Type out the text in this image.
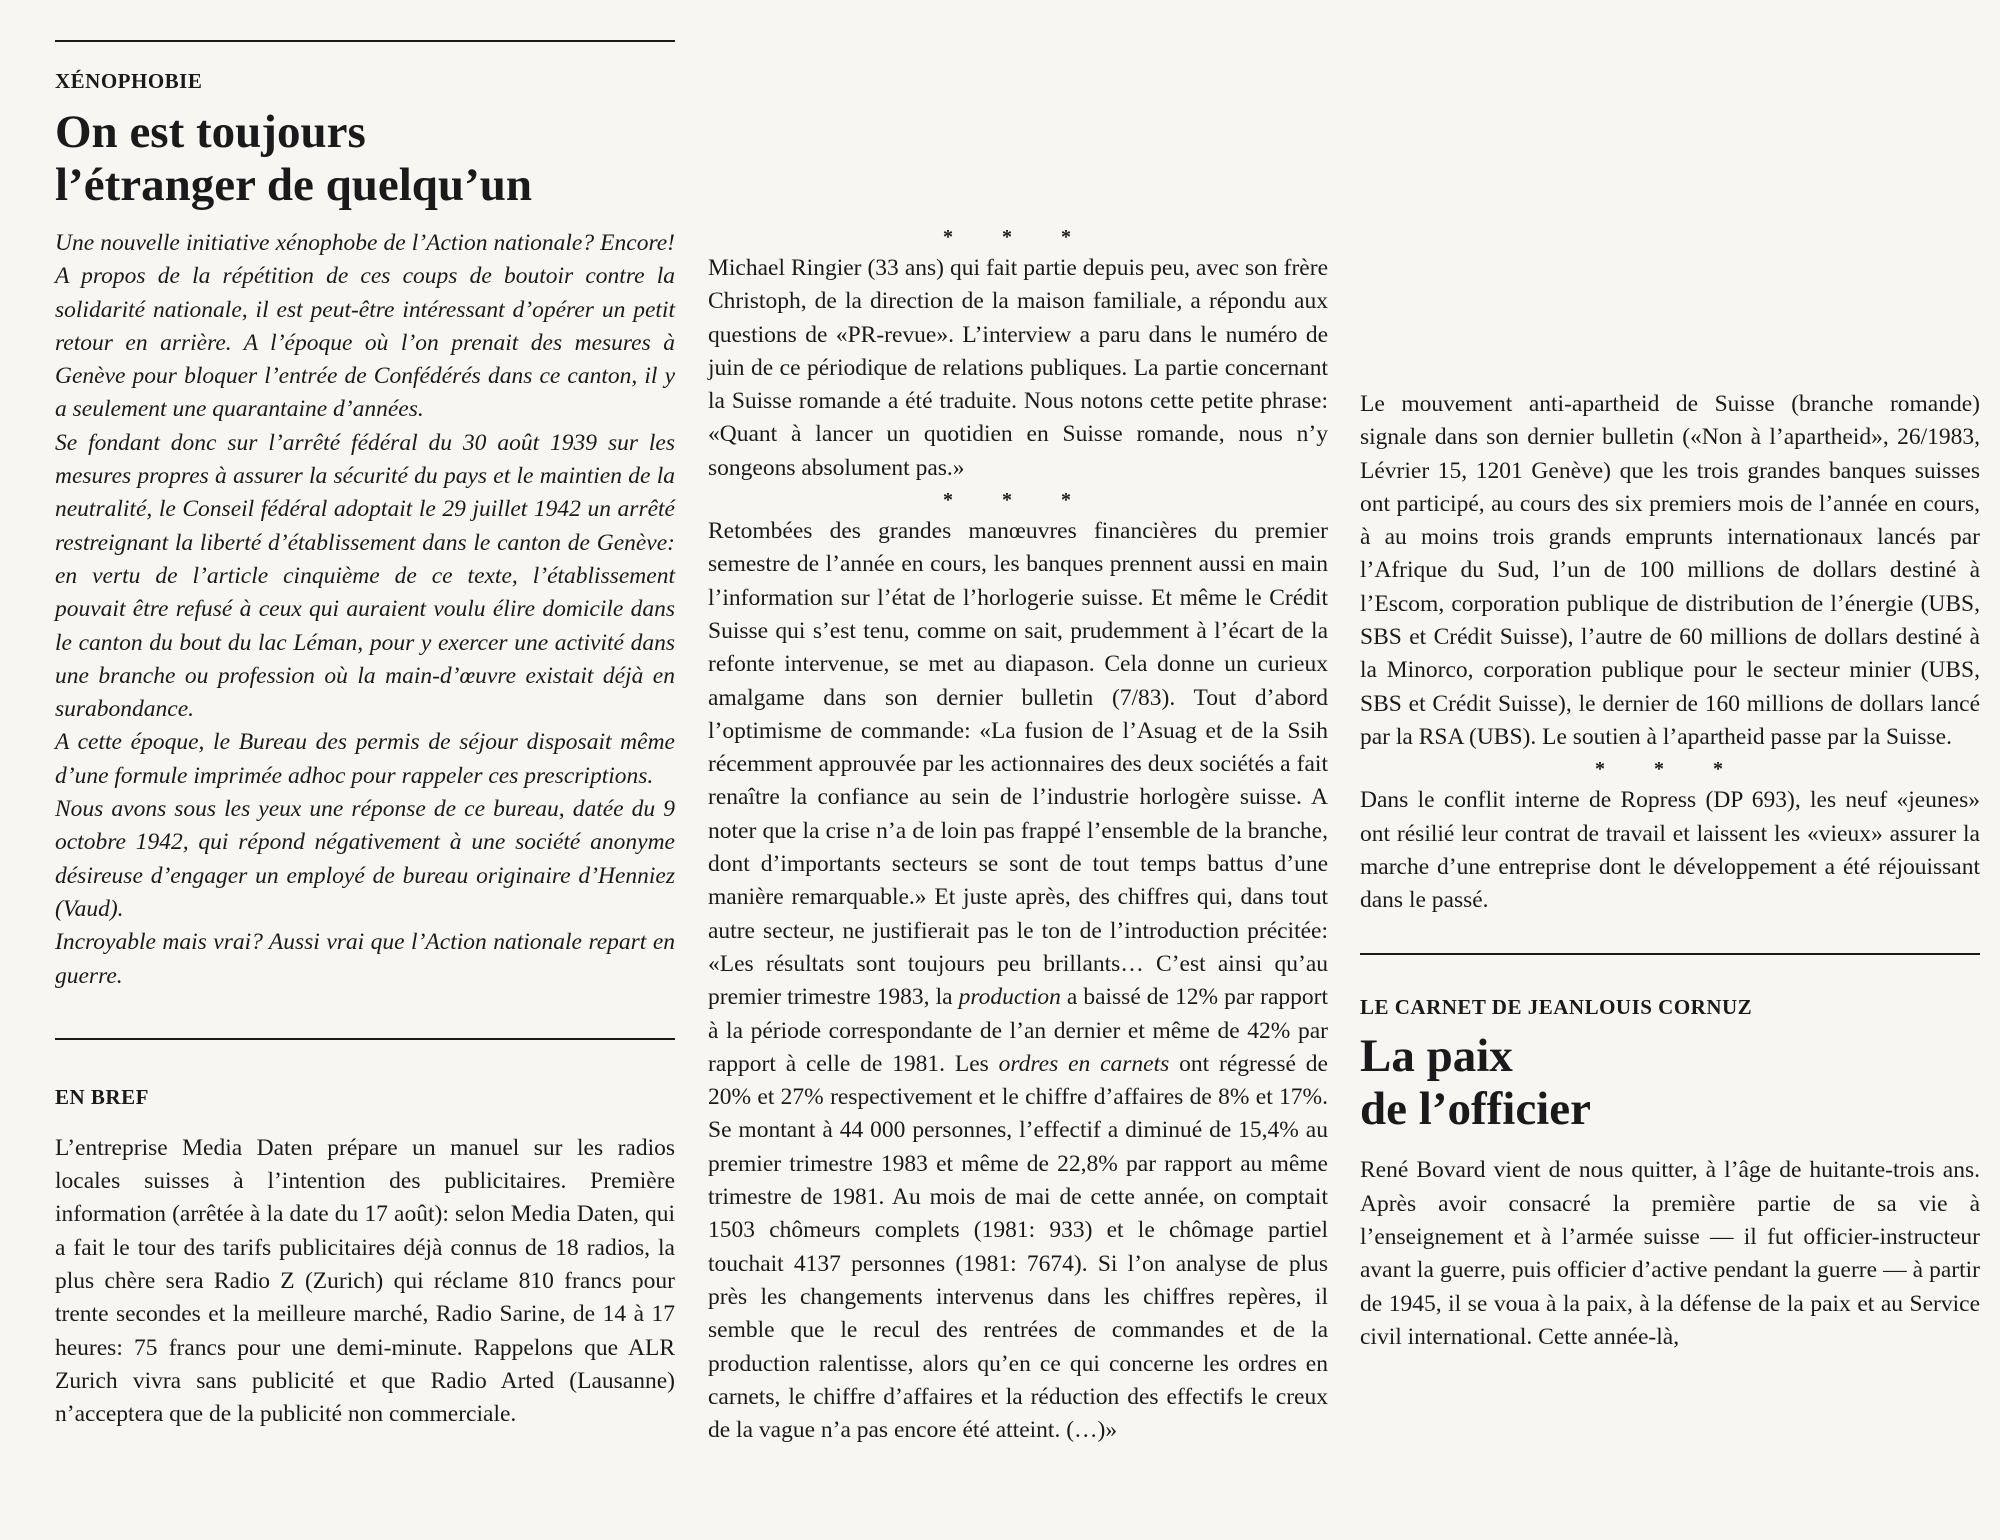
XÉNOPHOBIE
On est toujours
l’étranger de quelqu’un

Une nouvelle initiative xénophobe de l’Action nationale? Encore! A propos de la répétition de ces coups de boutoir contre la solidarité nationale, il est peut-être intéressant d’opérer un petit retour en arrière. A l’époque où l’on prenait des mesures à Genève pour bloquer l’entrée de Confédérés dans ce canton, il y a seulement une quarantaine d’années.

Se fondant donc sur l’arrêté fédéral du 30 août 1939 sur les mesures propres à assurer la sécurité du pays et le maintien de la neutralité, le Conseil fédéral adoptait le 29 juillet 1942 un arrêté restreignant la liberté d’établissement dans le canton de Genève: en vertu de l’article cinquième de ce texte, l’établissement pouvait être refusé à ceux qui auraient voulu élire domicile dans le canton du bout du lac Léman, pour y exercer une activité dans une branche ou profession où la main-d’œuvre existait déjà en surabondance.

A cette époque, le Bureau des permis de séjour disposait même d’une formule imprimée adhoc pour rappeler ces prescriptions.

Nous avons sous les yeux une réponse de ce bureau, datée du 9 octobre 1942, qui répond négativement à une société anonyme désireuse d’engager un employé de bureau originaire d’Henniez (Vaud).

Incroyable mais vrai? Aussi vrai que l’Action nationale repart en guerre.

EN BREF

L’entreprise Media Daten prépare un manuel sur les radios locales suisses à l’intention des publicitaires. Première information (arrêtée à la date du 17 août): selon Media Daten, qui a fait le tour des tarifs publicitaires déjà connus de 18 radios, la plus chère sera Radio Z (Zurich) qui réclame 810 francs pour trente secondes et la meilleure marché, Radio Sarine, de 14 à 17 heures: 75 francs pour une demi-minute. Rappelons que ALR Zurich vivra sans publicité et que Radio Arted (Lausanne) n’acceptera que de la publicité non commerciale.

* * *

Michael Ringier (33 ans) qui fait partie depuis peu, avec son frère Christoph, de la direction de la maison familiale, a répondu aux questions de «PR-revue». L’interview a paru dans le numéro de juin de ce périodique de relations publiques. La partie concernant la Suisse romande a été traduite. Nous notons cette petite phrase: «Quant à lancer un quotidien en Suisse romande, nous n’y songeons absolument pas.»

* * *

Retombées des grandes manœuvres financières du premier semestre de l’année en cours, les banques prennent aussi en main l’information sur l’état de l’horlogerie suisse. Et même le Crédit Suisse qui s’est tenu, comme on sait, prudemment à l’écart de la refonte intervenue, se met au diapason. Cela donne un curieux amalgame dans son dernier bulletin (7/83). Tout d’abord l’optimisme de commande: «La fusion de l’Asuag et de la Ssih récemment approuvée par les actionnaires des deux sociétés a fait renaître la confiance au sein de l’industrie horlogère suisse. A noter que la crise n’a de loin pas frappé l’ensemble de la branche, dont d’importants secteurs se sont de tout temps battus d’une manière remarquable.» Et juste après, des chiffres qui, dans tout autre secteur, ne justifierait pas le ton de l’introduction précitée: «Les résultats sont toujours peu brillants… C’est ainsi qu’au premier trimestre 1983, la production a baissé de 12% par rapport à la période correspondante de l’an dernier et même de 42% par rapport à celle de 1981. Les ordres en carnets ont régressé de 20% et 27% respectivement et le chiffre d’affaires de 8% et 17%. Se montant à 44 000 personnes, l’effectif a diminué de 15,4% au premier trimestre 1983 et même de 22,8% par rapport au même trimestre de 1981. Au mois de mai de cette année, on comptait 1503 chômeurs complets (1981: 933) et le chômage partiel touchait 4137 personnes (1981: 7674). Si l’on analyse de plus près les changements intervenus dans les chiffres repères, il semble que le recul des rentrées de commandes et de la production ralentisse, alors qu’en ce qui concerne les ordres en carnets, le chiffre d’affaires et la réduction des effectifs le creux de la vague n’a pas encore été atteint. (…)»

Le mouvement anti-apartheid de Suisse (branche romande) signale dans son dernier bulletin («Non à l’apartheid», 26/1983, Lévrier 15, 1201 Genève) que les trois grandes banques suisses ont participé, au cours des six premiers mois de l’année en cours, à au moins trois grands emprunts internationaux lancés par l’Afrique du Sud, l’un de 100 millions de dollars destiné à l’Escom, corporation publique de distribution de l’énergie (UBS, SBS et Crédit Suisse), l’autre de 60 millions de dollars destiné à la Minorco, corporation publique pour le secteur minier (UBS, SBS et Crédit Suisse), le dernier de 160 millions de dollars lancé par la RSA (UBS). Le soutien à l’apartheid passe par la Suisse.

* * *

Dans le conflit interne de Ropress (DP 693), les neuf «jeunes» ont résilié leur contrat de travail et laissent les «vieux» assurer la marche d’une entreprise dont le développement a été réjouissant dans le passé.

LE CARNET DE JEANLOUIS CORNUZ
La paix
de l’officier

René Bovard vient de nous quitter, à l’âge de huitante-trois ans. Après avoir consacré la première partie de sa vie à l’enseignement et à l’armée suisse — il fut officier-instructeur avant la guerre, puis officier d’active pendant la guerre — à partir de 1945, il se voua à la paix, à la défense de la paix et au Service civil international. Cette année-là,
